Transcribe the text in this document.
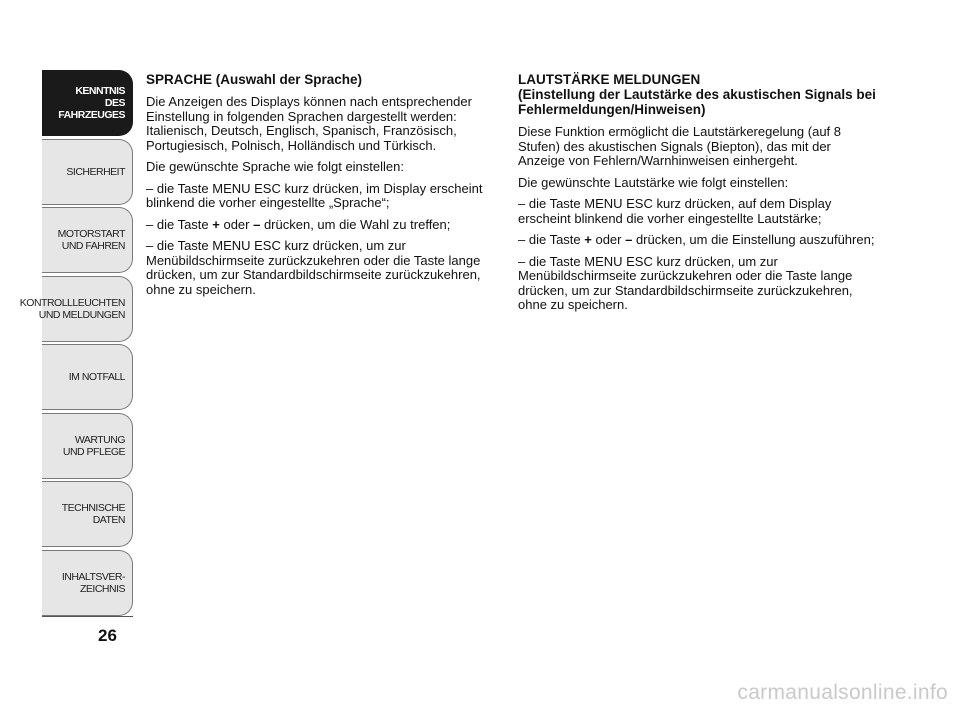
KENNTNIS
DES FAHRZEUGES
SICHERHEIT
MOTORSTART
UND FAHREN
KONTROLLLEUCHTEN
UND MELDUNGEN
IM NOTFALL
WARTUNG
UND PFLEGE
TECHNISCHE DATEN
INHALTSVER-
ZEICHNIS
26
SPRACHE (Auswahl der Sprache)

Die Anzeigen des Displays können nach entsprechender Einstellung in folgenden Sprachen dargestellt werden: Italienisch, Deutsch, Englisch, Spanisch, Französisch, Portugiesisch, Polnisch, Holländisch und Türkisch.

Die gewünschte Sprache wie folgt einstellen:

– die Taste MENU ESC kurz drücken, im Display erscheint blinkend die vorher eingestellte „Sprache“;

– die Taste + oder – drücken, um die Wahl zu treffen;

– die Taste MENU ESC kurz drücken, um zur Menübildschirmseite zurückzukehren oder die Taste lange drücken, um zur Standardbildschirmseite zurückzukehren, ohne zu speichern.

LAUTSTÄRKE MELDUNGEN
(Einstellung der Lautstärke des akustischen Signals bei Fehlermeldungen/Hinweisen)

Diese Funktion ermöglicht die Lautstärkeregelung (auf 8 Stufen) des akustischen Signals (Biepton), das mit der Anzeige von Fehlern/Warnhinweisen einhergeht.

Die gewünschte Lautstärke wie folgt einstellen:

– die Taste MENU ESC kurz drücken, auf dem Display erscheint blinkend die vorher eingestellte Lautstärke;

– die Taste + oder – drücken, um die Einstellung auszuführen;

– die Taste MENU ESC kurz drücken, um zur Menübildschirmseite zurückzukehren oder die Taste lange drücken, um zur Standardbildschirmseite zurückzukehren, ohne zu speichern.

carmanualsonline.info
